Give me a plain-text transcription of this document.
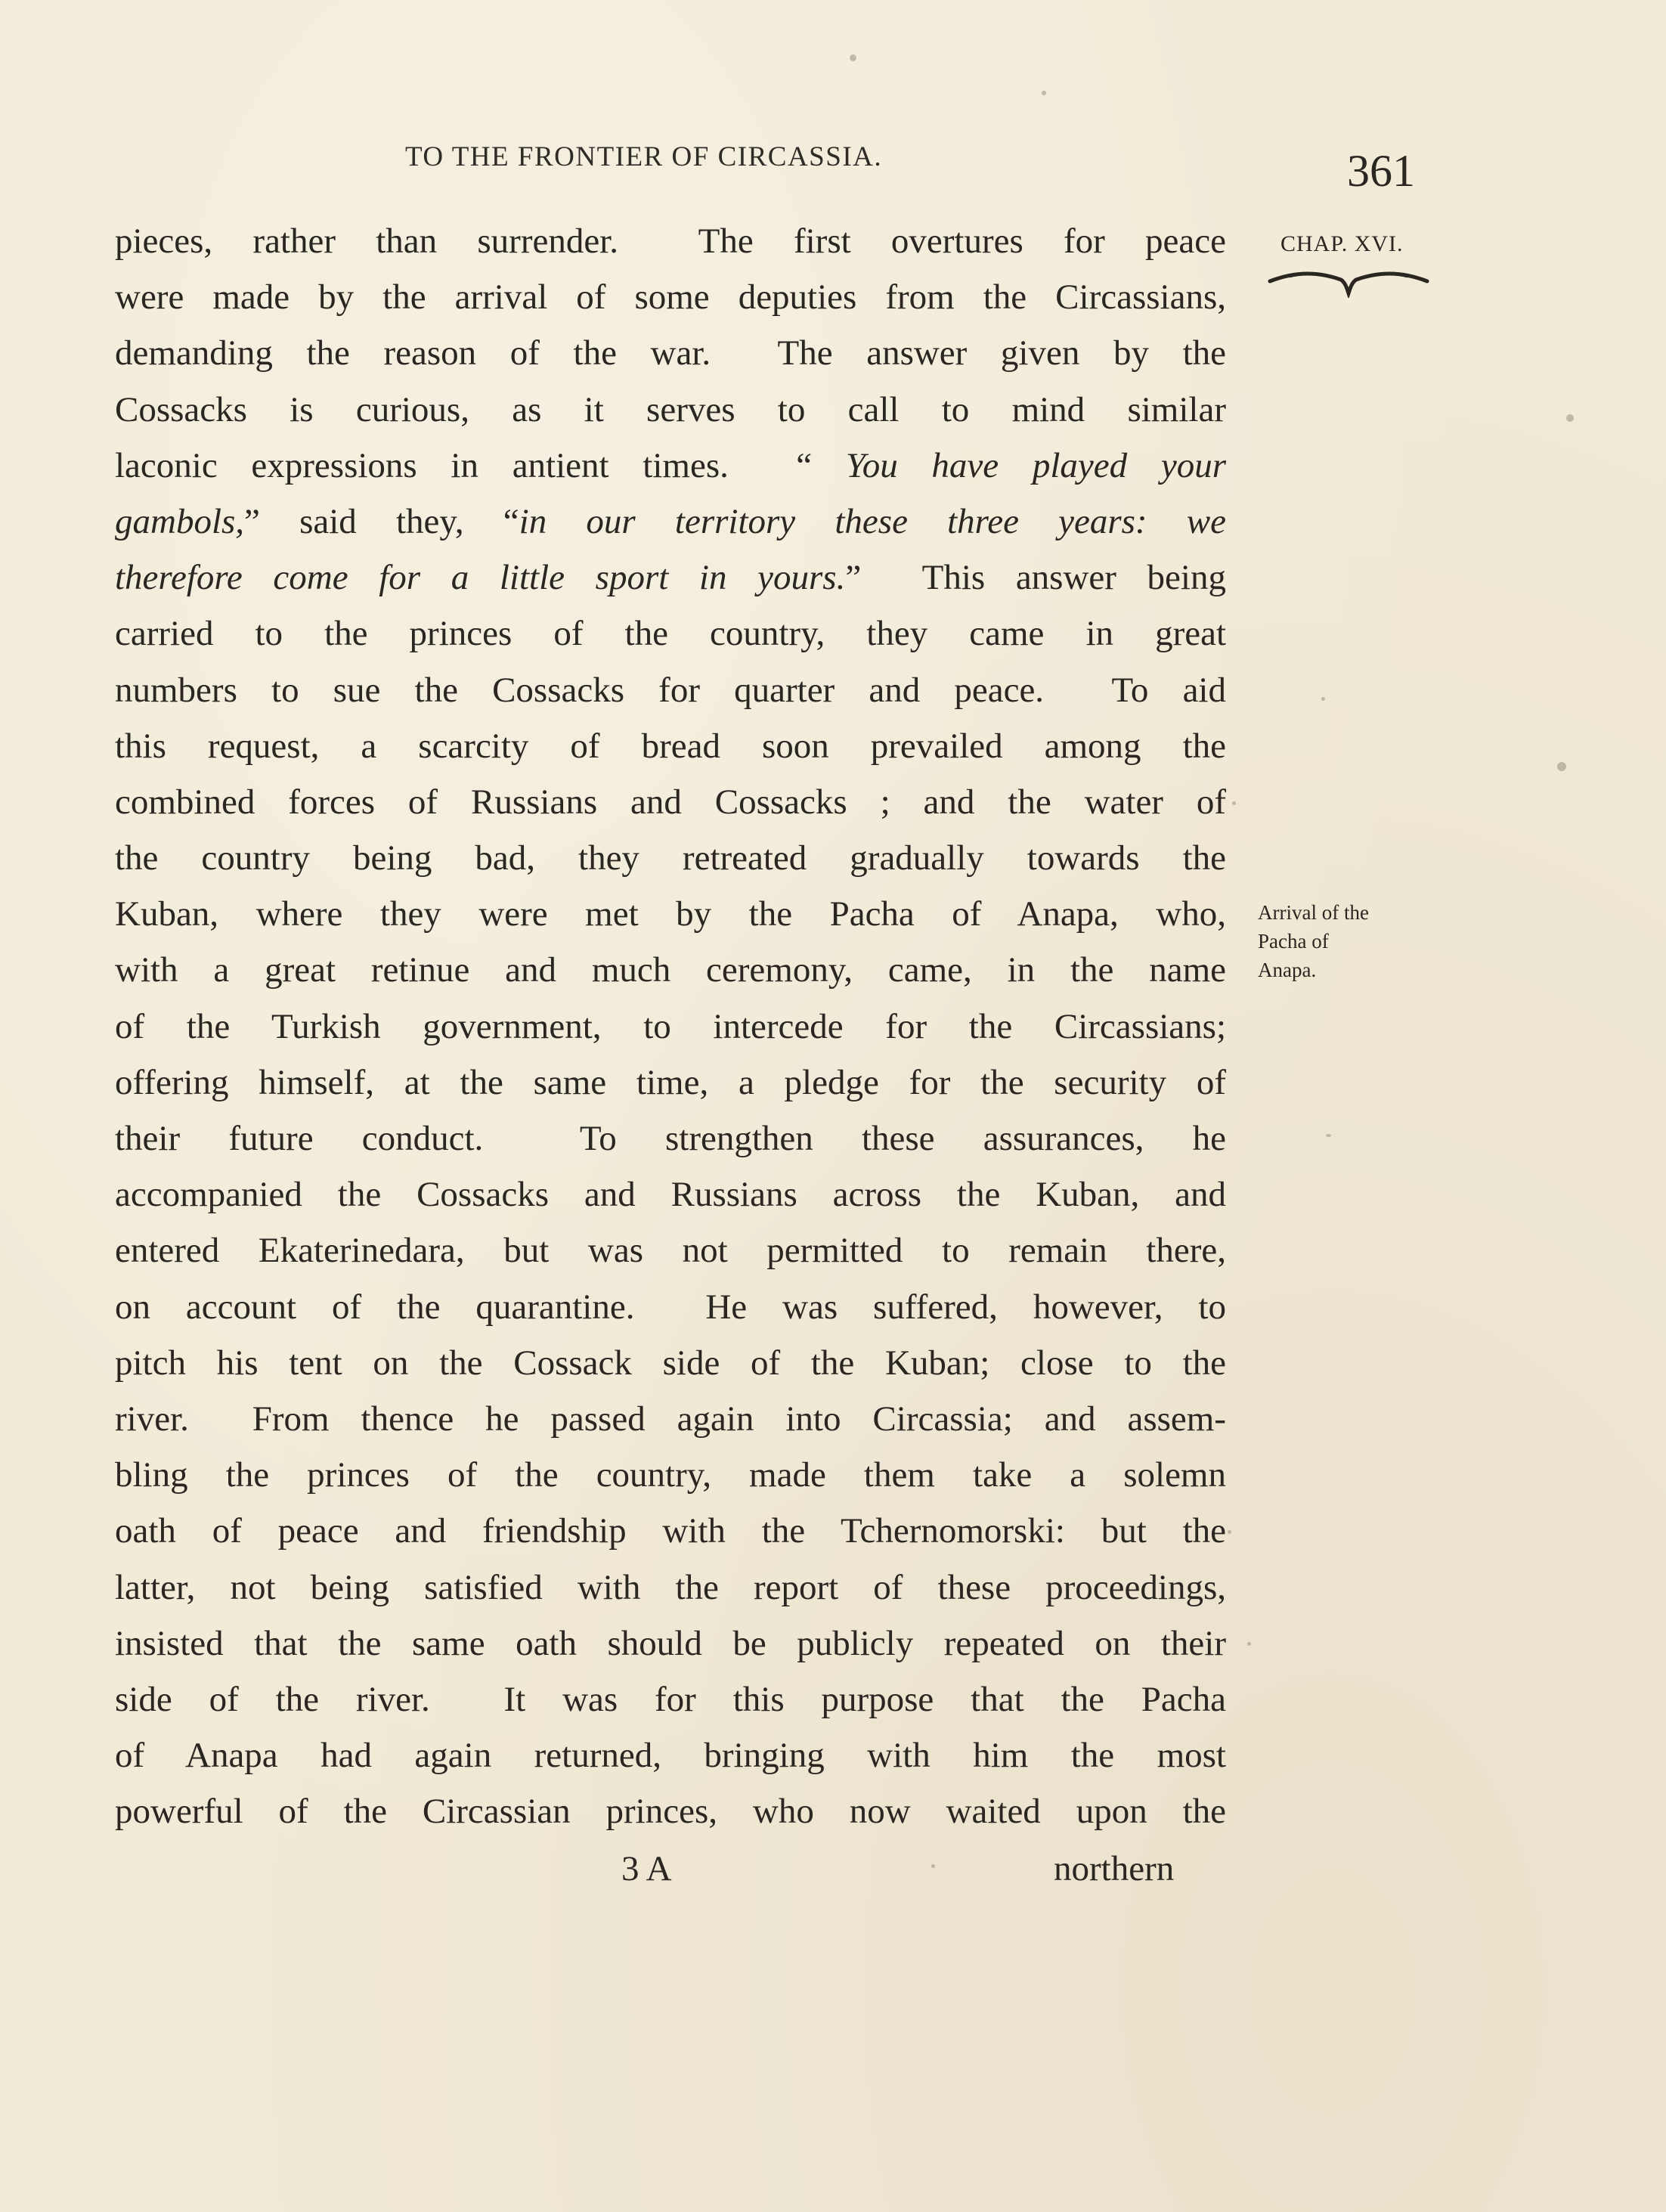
TO THE FRONTIER OF CIRCASSIA.	361
CHAP. XVI.
Arrival of the
Pacha of
Anapa.
pieces, rather than surrender.  The first overtures for peace
were made by the arrival of some deputies from the Circassians,
demanding the reason of the war.  The answer given by the
Cossacks is curious, as it serves to call to mind similar
laconic expressions in antient times.  “ You have played your
gambols,” said they, “in our territory these three years: we
therefore come for a little sport in yours.”  This answer being
carried to the princes of the country, they came in great
numbers to sue the Cossacks for quarter and peace.  To aid
this request, a scarcity of bread soon prevailed among the
combined forces of Russians and Cossacks ; and the water of
the country being bad, they retreated gradually towards the
Kuban, where they were met by the Pacha of Anapa, who,
with a great retinue and much ceremony, came, in the name
of the Turkish government, to intercede for the Circassians;
offering himself, at the same time, a pledge for the security of
their future conduct.  To strengthen these assurances, he
accompanied the Cossacks and Russians across the Kuban, and
entered Ekaterinedara, but was not permitted to remain there,
on account of the quarantine.  He was suffered, however, to
pitch his tent on the Cossack side of the Kuban; close to the
river.  From thence he passed again into Circassia; and assem-
bling the princes of the country, made them take a solemn
oath of peace and friendship with the Tchernomorski: but the
latter, not being satisfied with the report of these proceedings,
insisted that the same oath should be publicly repeated on their
side of the river.  It was for this purpose that the Pacha
of Anapa had again returned, bringing with him the most
powerful of the Circassian princes, who now waited upon the
3 A	northern
